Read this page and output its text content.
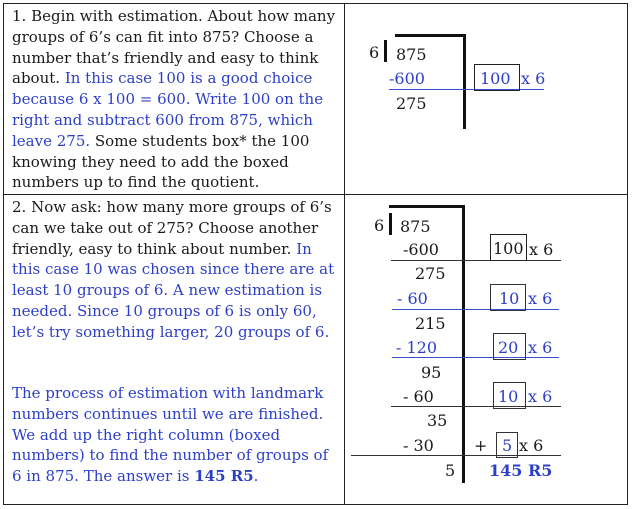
1. Begin with estimation. About how many groups of 6’s can fit into 875? Choose a number that’s friendly and easy to think about. In this case 100 is a good choice because 6 x 100 = 600. Write 100 on the right and subtract 600 from 875, which leave 275. Some students box* the 100 knowing they need to add the boxed numbers up to find the quotient.

2. Now ask: how many more groups of 6’s can we take out of 275? Choose another friendly, easy to think about number. In this case 10 was chosen since there are at least 10 groups of 6. A new estimation is needed. Since 10 groups of 6 is only 60, let’s try something larger, 20 groups of 6.

The process of estimation with landmark numbers continues until we are finished. We add up the right column (boxed numbers) to find the number of groups of 6 in 875. The answer is 145 R5.

6 875
-600
275
100 x 6
6 875
-600
275
100 x 6
- 60
215
10 x 6
- 120
95
20 x 6
- 60
35
10 x 6
- 30	+ 5 x 6
5 145 R5
